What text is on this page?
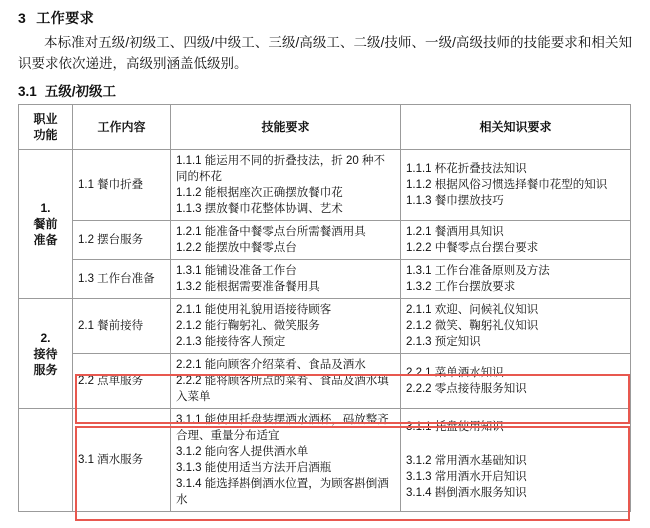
3 工作要求
本标准对五级/初级工、四级/中级工、三级/高级工、二级/技师、一级/高级技师的技能要求和相关知识要求依次递进，高级别涵盖低级别。
3.1 五级/初级工
职业
功能	工作内容	技能要求	相关知识要求

1.
餐前
准备	1.1 餐巾折叠	1.1.1 能运用不同的折叠技法，折 20 种不同的杯花
1.1.2 能根据座次正确摆放餐巾花
1.1.3 摆放餐巾花整体协调、艺术	1.1.1 杯花折叠技法知识
1.1.2 根据风俗习惯选择餐巾花型的知识
1.1.3 餐巾摆放技巧

	1.2 摆台服务	1.2.1 能准备中餐零点台所需餐酒用具
1.2.2 能摆放中餐零点台	1.2.1 餐酒用具知识
1.2.2 中餐零点台摆台要求

	1.3 工作台准备	1.3.1 能铺设准备工作台
1.3.2 能根据需要准备餐用具	1.3.1 工作台准备原则及方法
1.3.2 工作台摆放要求

2.
接待
服务	2.1 餐前接待	2.1.1 能使用礼貌用语接待顾客
2.1.2 能行鞠躬礼、微笑服务
2.1.3 能接待客人预定	2.1.1 欢迎、问候礼仪知识
2.1.2 微笑、鞠躬礼仪知识
2.1.3 预定知识

	2.2 点单服务	2.2.1 能向顾客介绍菜肴、食品及酒水
2.2.2 能将顾客所点的菜肴、食品及酒水填入菜单	2.2.1 菜单酒水知识
2.2.2 零点接待服务知识

	3.1 酒水服务	3.1.1 能使用托盘装摆酒水酒杯，码放整齐合理、重量分布适宜
3.1.2 能向客人提供酒水单
3.1.3 能使用适当方法开启酒瓶
3.1.4 能选择斟倒酒水位置，为顾客斟倒酒水	3.1.1 托盘使用知识

3.1.2 常用酒水基础知识
3.1.3 常用酒水开启知识
3.1.4 斟倒酒水服务知识
